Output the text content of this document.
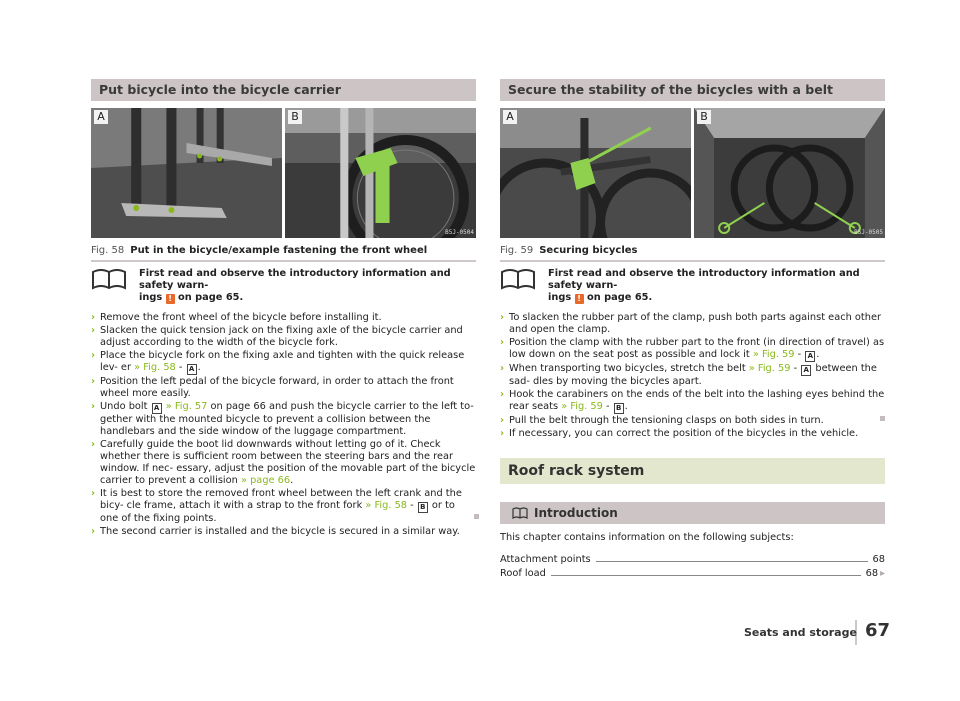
Put bicycle into the bicycle carrier
A	B
B5J-0504
Fig. 58 Put in the bicycle/example fastening the front wheel
First read and observe the introductory information and safety warn-
ings ! on page 65.
› Remove the front wheel of the bicycle before installing it.
› Slacken the quick tension jack on the fixing axle of the bicycle carrier and adjust according to the width of the bicycle fork.
› Place the bicycle fork on the fixing axle and tighten with the quick release lev- er » Fig. 58 - A .
› Position the left pedal of the bicycle forward, in order to attach the front wheel more easily.
› Undo bolt A » Fig. 57 on page 66 and push the bicycle carrier to the left to- gether with the mounted bicycle to prevent a collision between the handlebars and the side window of the luggage compartment.
› Carefully guide the boot lid downwards without letting go of it. Check whether there is sufficient room between the steering bars and the rear window. If nec- essary, adjust the position of the movable part of the bicycle carrier to prevent a collision » page 66.
› It is best to store the removed front wheel between the left crank and the bicy- cle frame, attach it with a strap to the front fork » Fig. 58 - B or to one of the fixing points.
› The second carrier is installed and the bicycle is secured in a similar way.
Secure the stability of the bicycles with a belt
A	B
B5J-0505
Fig. 59 Securing bicycles
First read and observe the introductory information and safety warn-
ings ! on page 65.
› To slacken the rubber part of the clamp, push both parts against each other and open the clamp.
› Position the clamp with the rubber part to the front (in direction of travel) as low down on the seat post as possible and lock it » Fig. 59 - A .
› When transporting two bicycles, stretch the belt » Fig. 59 - A between the sad- dles by moving the bicycles apart.
› Hook the carabiners on the ends of the belt into the lashing eyes behind the rear seats » Fig. 59 - B .
› Pull the belt through the tensioning clasps on both sides in turn.
› If necessary, you can correct the position of the bicycles in the vehicle.
Roof rack system
Introduction
This chapter contains information on the following subjects:
Attachment points	68
Roof load	68 ▸
Seats and storage 67
